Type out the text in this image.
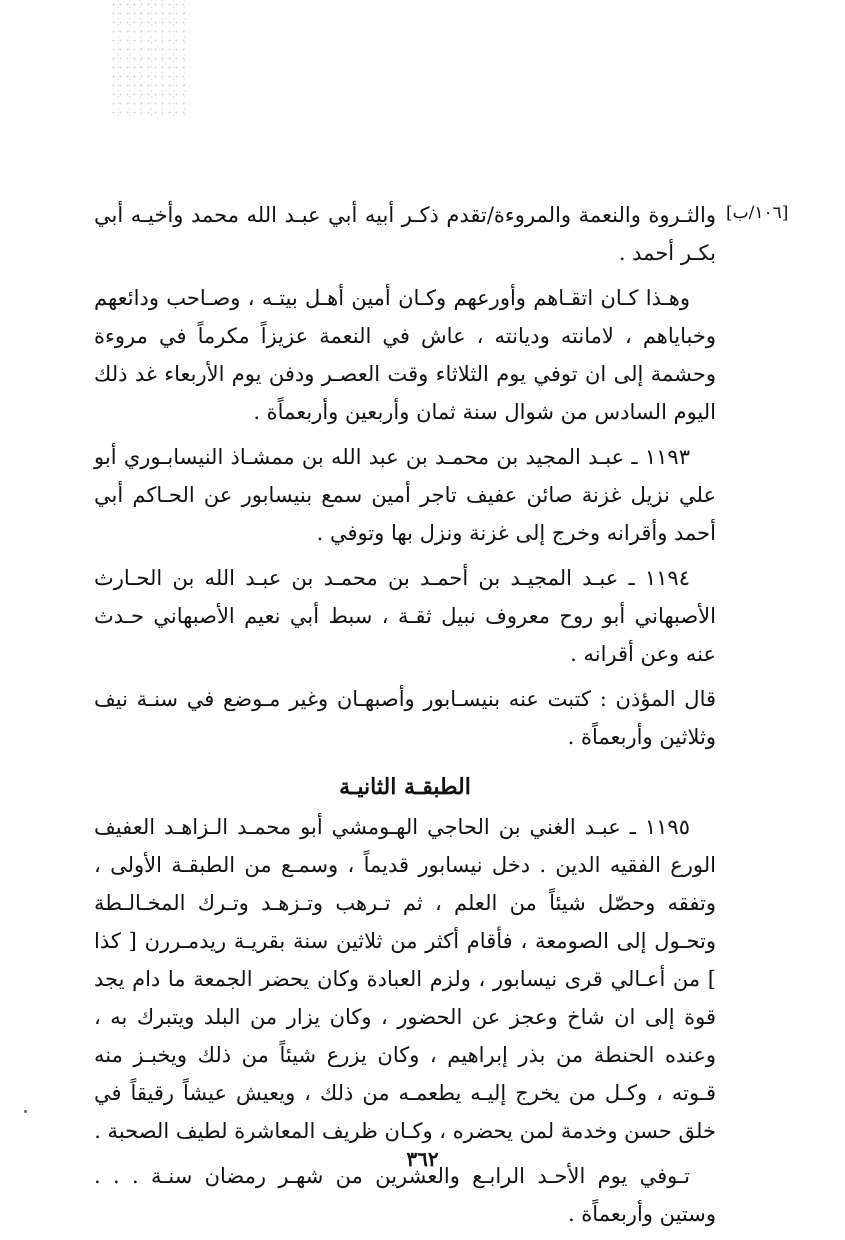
[١٠٦/ب]

والثـروة والنعمة والمروءة/تقدم ذكـر أبيه أبي عبـد الله محمد وأخيـه أبي بكـر أحمد .

وهـذا كـان اتقـاهم وأورعهم وكـان أمين أهـل بيتـه ، وصـاحب ودائعهم وخباياهم ، لامانته وديانته ، عاش في النعمة عزيزاً مكرماً في مروءة وحشمة إلى ان توفي يوم الثلاثاء وقت العصـر ودفن يوم الأربعاء غد ذلك اليوم السادس من شوال سنة ثمان وأربعين وأربعماًة .

١١٩٣ ـ عبـد المجيد بن محمـد بن عبد الله بن ممشـاذ النيسابـوري أبو علي نزيل غزنة صائن عفيف تاجر أمين سمع بنيسابور عن الحـاكم أبي أحمد وأقرانه وخرج إلى غزنة ونزل بها وتوفي .

١١٩٤ ـ عبـد المجيـد بن أحمـد بن محمـد بن عبـد الله بن الحـارث الأصبهاني أبو روح معروف نبيل ثقـة ، سبط أبي نعيم الأصبهاني حـدث عنه وعن أقرانه .

قال المؤذن : كتبت عنه بنيسـابور وأصبهـان وغير مـوضع في سنـة نيف وثلاثين وأربعماًة .

الطبقـة الثانيـة

١١٩٥ ـ عبـد الغني بن الحاجي الهـومشي أبو محمـد الـزاهـد العفيف الورع الفقيه الدين . دخل نيسابور قديماً ، وسمـع من الطبقـة الأولى ، وتفقه وحصّل شيئاً من العلم ، ثم تـرهب وتـزهـد وتـرك المخـالـطة وتحـول إلى الصومعة ، فأقام أكثر من ثلاثين سنة بقريـة ريدمـررن [ كذا ] من أعـالي قرى نيسابور ، ولزم العبادة وكان يحضر الجمعة ما دام يجد قوة إلى ان شاخ وعجز عن الحضور ، وكان يزار من البلد ويتبرك به ، وعنده الحنطة من بذر إبراهيم ، وكان يزرع شيئاً من ذلك ويخبـز منه قـوته ، وكـل من يخرج إليـه يطعمـه من ذلك ، ويعيش عيشاً رقيقاً في خلق حسن وخدمة لمن يحضره ، وكـان ظريف المعاشرة لطيف الصحبة .

تـوفي يوم الأحـد الرابـع والعشرين من شهـر رمضان سنـة . . . وستين وأربعماًة .

٣٦٢
